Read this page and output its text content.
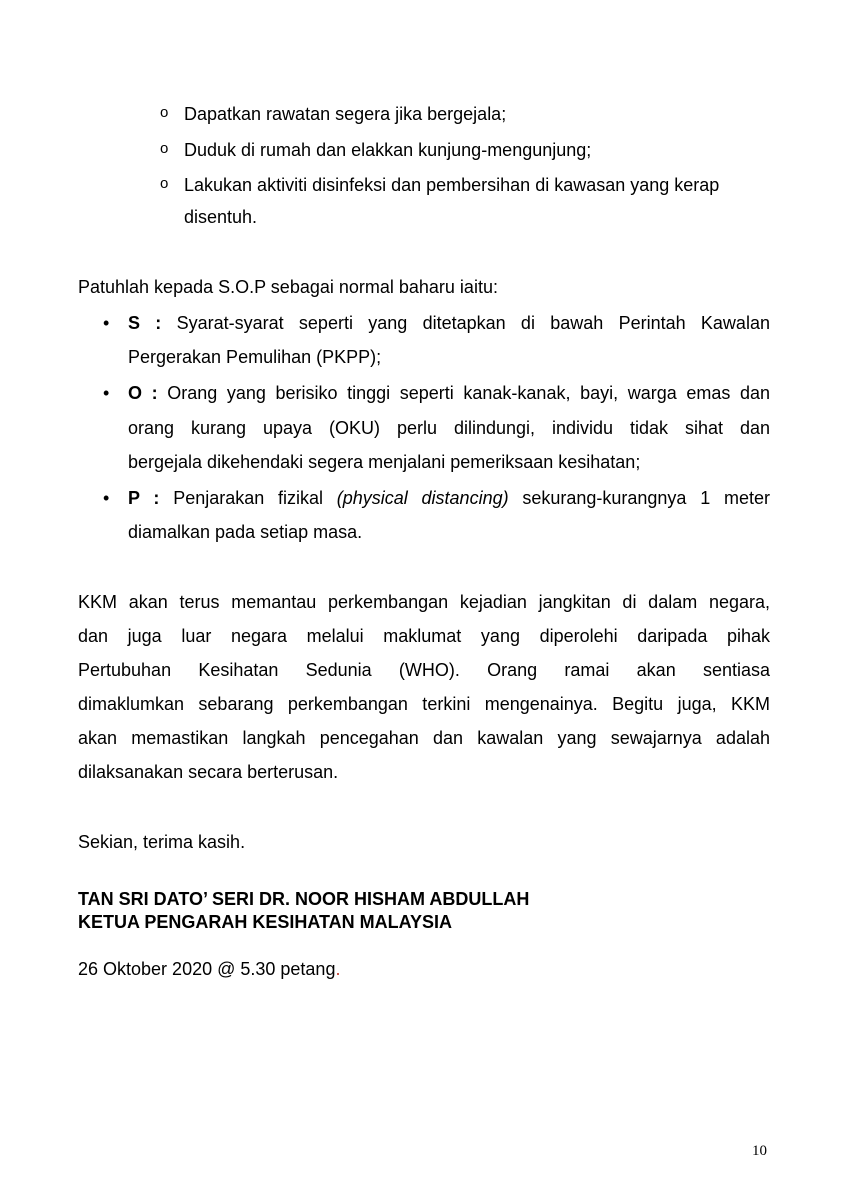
o Dapatkan rawatan segera jika bergejala;
o Duduk di rumah dan elakkan kunjung-mengunjung;
o Lakukan aktiviti disinfeksi dan pembersihan di kawasan yang kerap
disentuh.
Patuhlah kepada S.O.P sebagai normal baharu iaitu:
• S : Syarat-syarat seperti yang ditetapkan di bawah Perintah Kawalan
Pergerakan Pemulihan (PKPP);
• O : Orang yang berisiko tinggi seperti kanak-kanak, bayi, warga emas dan
orang kurang upaya (OKU) perlu dilindungi, individu tidak sihat dan
bergejala dikehendaki segera menjalani pemeriksaan kesihatan;
• P : Penjarakan fizikal (physical distancing) sekurang-kurangnya 1 meter
diamalkan pada setiap masa.
KKM akan terus memantau perkembangan kejadian jangkitan di dalam negara,
dan juga luar negara melalui maklumat yang diperolehi daripada pihak
Pertubuhan Kesihatan Sedunia (WHO). Orang ramai akan sentiasa
dimaklumkan sebarang perkembangan terkini mengenainya. Begitu juga, KKM
akan memastikan langkah pencegahan dan kawalan yang sewajarnya adalah
dilaksanakan secara berterusan.
Sekian, terima kasih.
TAN SRI DATO’ SERI DR. NOOR HISHAM ABDULLAH
KETUA PENGARAH KESIHATAN MALAYSIA
26 Oktober 2020 @ 5.30 petang.
10
